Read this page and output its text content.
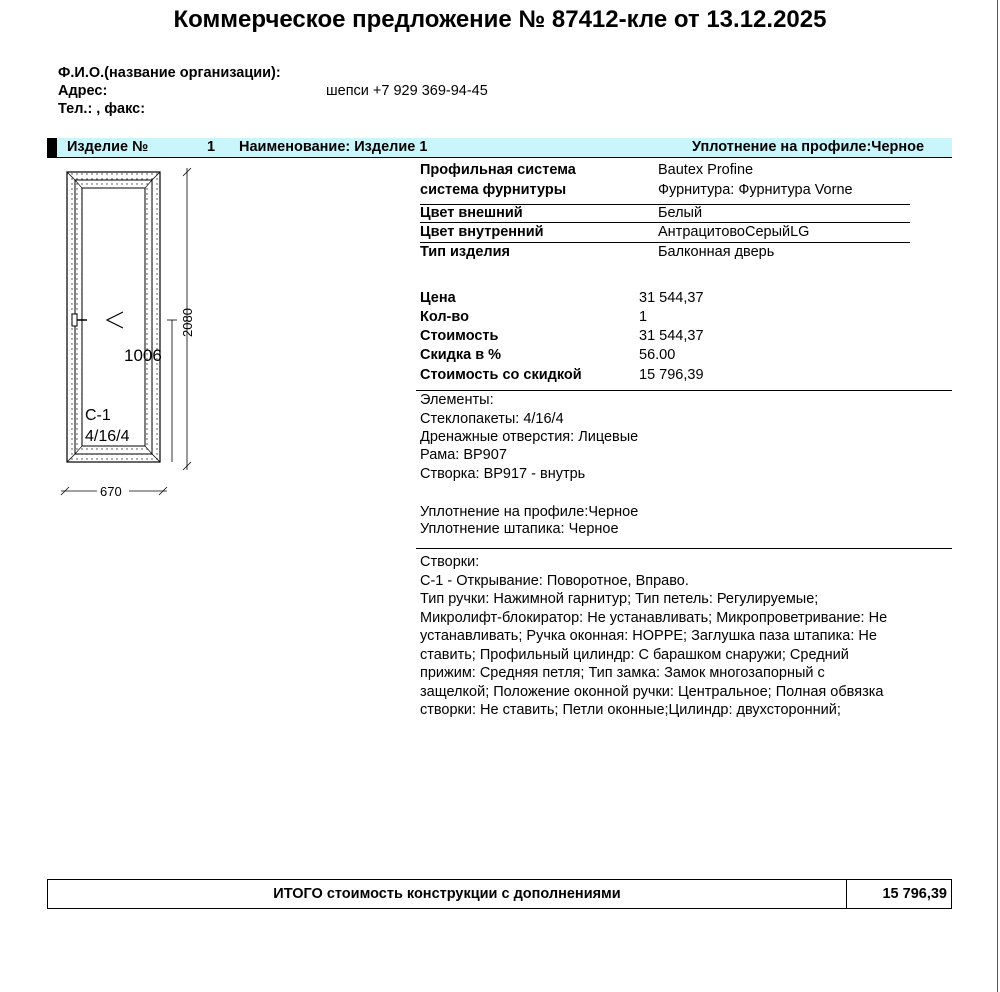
Коммерческое предложение № 87412-кле от 13.12.2025
Ф.И.О.(название организации):
Адрес:	шепси +7 929 369-94-45
Тел.: , факс:
Изделие №	1 Наименование: Изделие 1	Уплотнение на профиле:Черное
С-1
4/16/4
1006
2080
670
Профильная система	Bautex Profine
система фурнитуры	Фурнитура: Фурнитура Vorne
Цвет внешний	Белый
Цвет внутренний	АнтрацитовоСерыйLG
Тип изделия	Балконная дверь
Цена	31 544,37
Кол-во	1
Стоимость	31 544,37
Скидка в %	56.00
Стоимость со скидкой	15 796,39
Элементы:
Стеклопакеты: 4/16/4
Дренажные отверстия: Лицевые
Рама: ВР907
Створка: ВР917 - внутрь
Уплотнение на профиле:Черное
Уплотнение штапика: Черное
Створки:
С-1 - Открывание: Поворотное, Вправо.
Тип ручки: Нажимной гарнитур; Тип петель: Регулируемые;
Микролифт-блокиратор: Не устанавливать; Микропроветривание: Не
устанавливать; Ручка оконная: HOPPE; Заглушка паза штапика: Не
ставить; Профильный цилиндр: С барашком снаружи; Средний
прижим: Средняя петля; Тип замка: Замок многозапорный с
защелкой; Положение оконной ручки: Центральное; Полная обвязка
створки: Не ставить; Петли оконные;Цилиндр: двухсторонний;
ИТОГО стоимость конструкции с дополнениями	15 796,39
